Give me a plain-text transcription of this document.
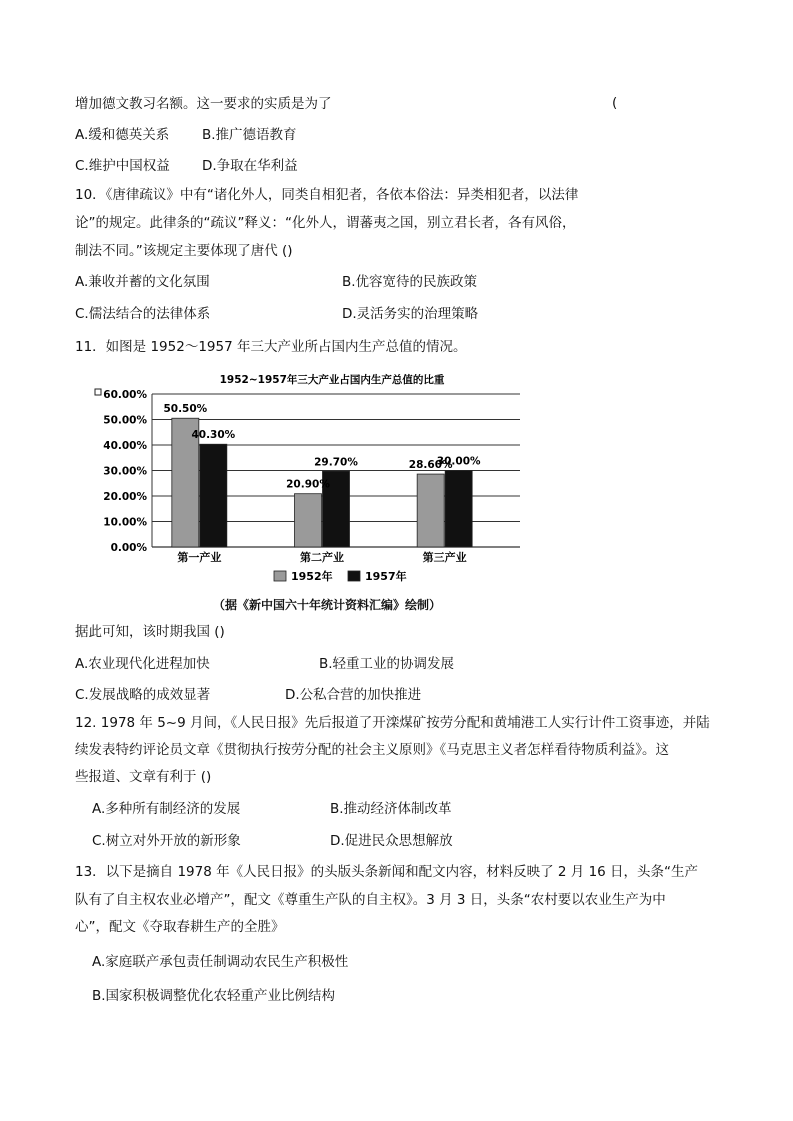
增加德文教习名额。这一要求的实质是为了	(
A.缓和德英关系 B.推广德语教育
C.维护中国权益 D.争取在华利益
10．《唐律疏议》中有“诸化外人，同类自相犯者，各依本俗法：异类相犯者，以法律
论”的规定。此律条的“疏议”释义：“化外人，谓蕃夷之国，别立君长者，各有风俗，
制法不同。”该规定主要体现了唐代 ()
A.兼收并蓄的文化氛围	B.优容宽待的民族政策
C.儒法结合的法律体系	D.灵活务实的治理策略
11．如图是 1952～1957 年三大产业所占国内生产总值的情况。
1952~1957年三大产业占国内生产总值的比重
0.00%
10.00%
20.00%
30.00%
40.00%
50.00%
60.00%
50.50%
40.30%
20.90%
29.70%	28.60%
30.00%
第一产业	第二产业	第三产业
1952年	1957年
（据《新中国六十年统计资料汇编》绘制）
据此可知，该时期我国 ()
A.农业现代化进程加快	B.轻重工业的协调发展
C.发展战略的成效显著	D.公私合营的加快推进
12. 1978 年 5~9 月间，《人民日报》先后报道了开滦煤矿按劳分配和黄埔港工人实行计件工资事迹，并陆
续发表特约评论员文章《贯彻执行按劳分配的社会主义原则》《马克思主义者怎样看待物质利益》。这
些报道、文章有利于 ()
A.多种所有制经济的发展	B.推动经济体制改革
C.树立对外开放的新形象	D.促进民众思想解放
13．以下是摘自 1978 年《人民日报》的头版头条新闻和配文内容，材料反映了 2 月 16 日，头条“生产
队有了自主权农业必增产”，配文《尊重生产队的自主权》。3 月 3 日，头条“农村要以农业生产为中
心”，配文《夺取春耕生产的全胜》
A.家庭联产承包责任制调动农民生产积极性
B.国家积极调整优化农轻重产业比例结构
